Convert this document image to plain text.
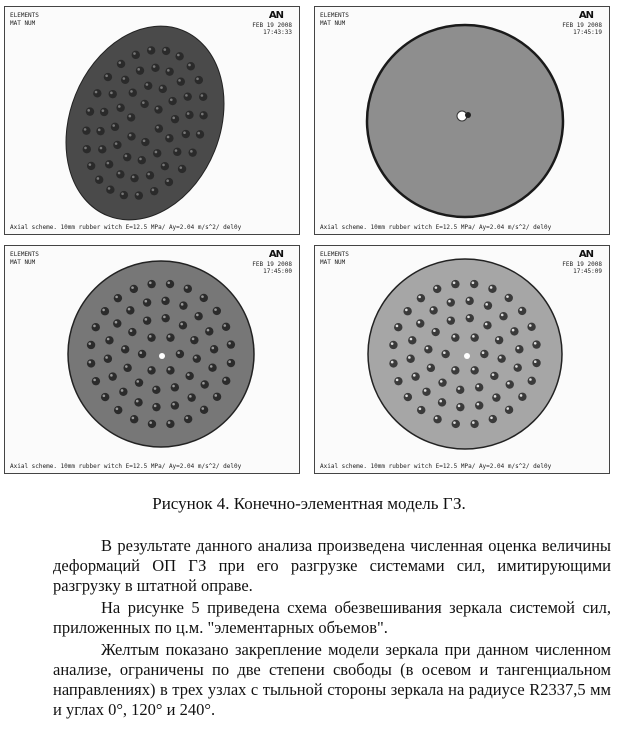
ELEMENTS
MAT NUM
AN
FEB 19 2008
17:43:33
Axial scheme. 10mm rubber witch E=12.5 MPa/ Ay=2.04 m/s^2/ del0y
ELEMENTS
MAT NUM
AN
FEB 19 2008
17:45:19
Axial scheme. 10mm rubber witch E=12.5 MPa/ Ay=2.04 m/s^2/ del0y
ELEMENTS
MAT NUM
AN
FEB 19 2008
17:45:00
Axial scheme. 10mm rubber witch E=12.5 MPa/ Ay=2.04 m/s^2/ del0y
ELEMENTS
MAT NUM
AN
FEB 19 2008
17:45:09
Axial scheme. 10mm rubber witch E=12.5 MPa/ Ay=2.04 m/s^2/ del0y
Рисунок 4. Конечно-элементная модель ГЗ.

В результате данного анализа произведена численная оценка величины деформаций ОП ГЗ при его разгрузке системами сил, имитирующими разгрузку в штатной оправе.

На рисунке 5 приведена схема обезвешивания зеркала системой сил, приложенных по ц.м. "элементарных объемов".

Желтым показано закрепление модели зеркала при данном численном анализе, ограничены по две степени свободы (в осевом и тангенциальном направлениях) в трех узлах с тыльной стороны зеркала на радиусе R2337,5 мм и углах 0°, 120° и 240°.
